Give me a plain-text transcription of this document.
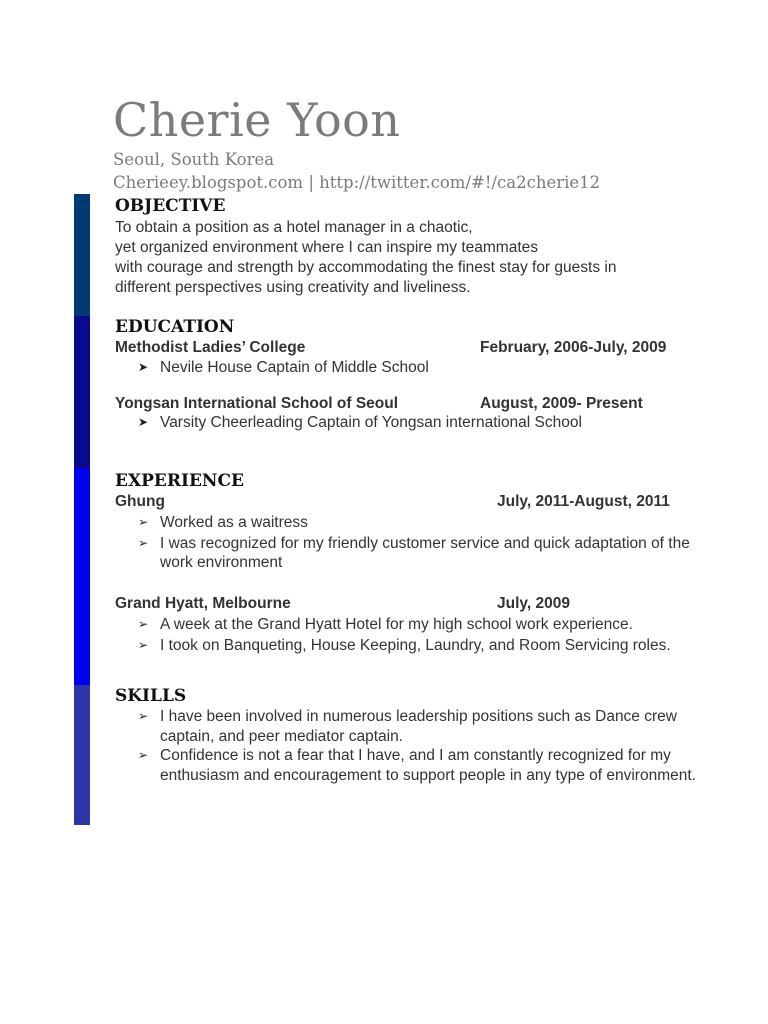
Cherie Yoon
Seoul, South Korea
Cherieey.blogspot.com | http://twitter.com/#!/ca2cherie12
OBJECTIVE
To obtain a position as a hotel manager in a chaotic,
yet organized environment where I can inspire my teammates
with courage and strength by accommodating the finest stay for guests in
different perspectives using creativity and liveliness.
EDUCATION
Methodist Ladies’ College	February, 2006-July, 2009
➤ Nevile House Captain of Middle School
Yongsan International School of Seoul	August, 2009- Present
➤ Varsity Cheerleading Captain of Yongsan international School
EXPERIENCE
Ghung	July, 2011-August, 2011
➢ Worked as a waitress
➢ I was recognized for my friendly customer service and quick adaptation of the work environment
Grand Hyatt, Melbourne	July, 2009
➢ A week at the Grand Hyatt Hotel for my high school work experience.
➢ I took on Banqueting, House Keeping, Laundry, and Room Servicing roles.
SKILLS
➢ I have been involved in numerous leadership positions such as Dance crew captain, and peer mediator captain.
➢ Confidence is not a fear that I have, and I am constantly recognized for my enthusiasm and encouragement to support people in any type of environment.
